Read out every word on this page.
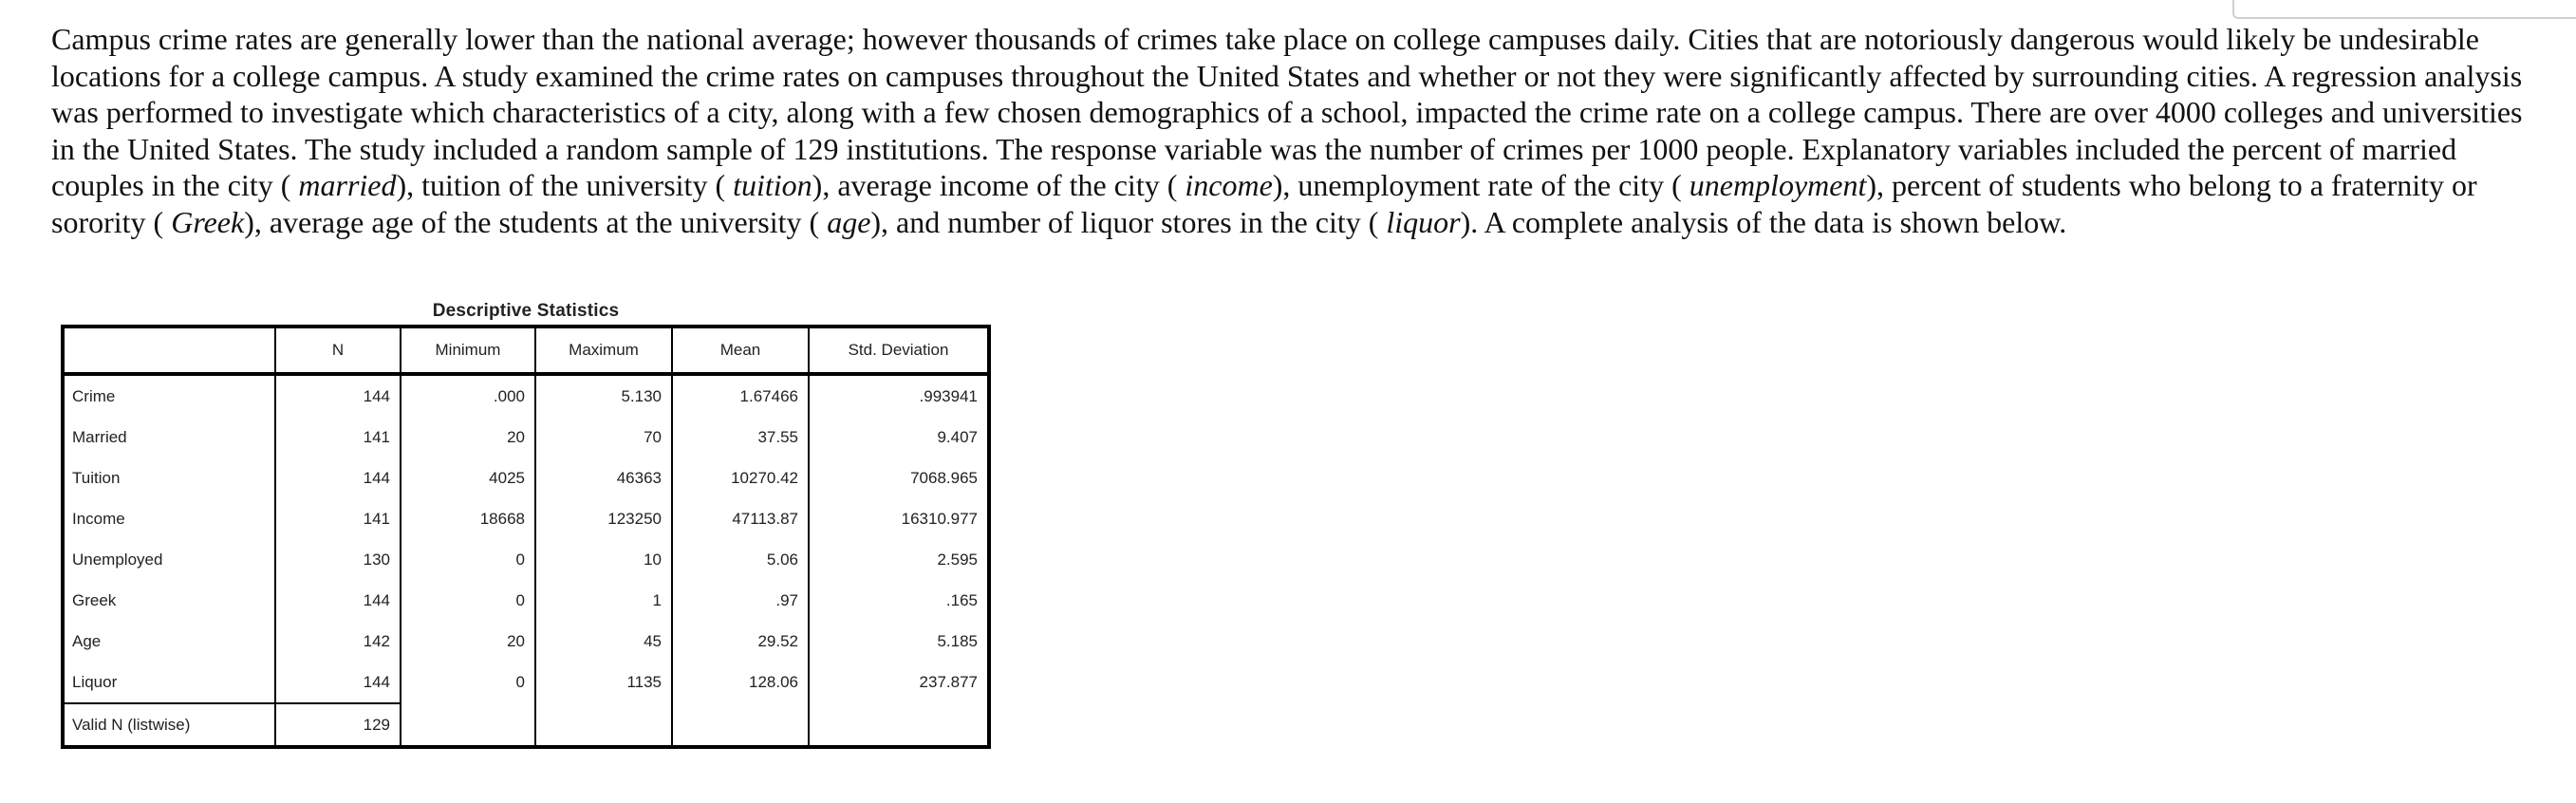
Campus crime rates are generally lower than the national average; however thousands of crimes take place on college campuses daily. Cities that are notoriously dangerous would likely be undesirable locations for a college campus. A study examined the crime rates on campuses throughout the United States and whether or not they were significantly affected by surrounding cities. A regression analysis was performed to investigate which characteristics of a city, along with a few chosen demographics of a school, impacted the crime rate on a college campus. There are over 4000 colleges and universities in the United States. The study included a random sample of 129 institutions. The response variable was the number of crimes per 1000 people. Explanatory variables included the percent of married couples in the city ( married), tuition of the university ( tuition), average income of the city ( income), unemployment rate of the city ( unemployment), percent of students who belong to a fraternity or sorority ( Greek), average age of the students at the university ( age), and number of liquor stores in the city ( liquor). A complete analysis of the data is shown below.

Descriptive Statistics
	N	Minimum	Maximum	Mean	Std. Deviation
Crime	144	.000	5.130	1.67466	.993941
Married	141	20	70	37.55	9.407
Tuition	144	4025	46363	10270.42	7068.965
Income	141	18668	123250	47113.87	16310.977
Unemployed	130	0	10	5.06	2.595
Greek	144	0	1	.97	.165
Age	142	20	45	29.52	5.185
Liquor	144	0	1135	128.06	237.877
Valid N (listwise)	129				
